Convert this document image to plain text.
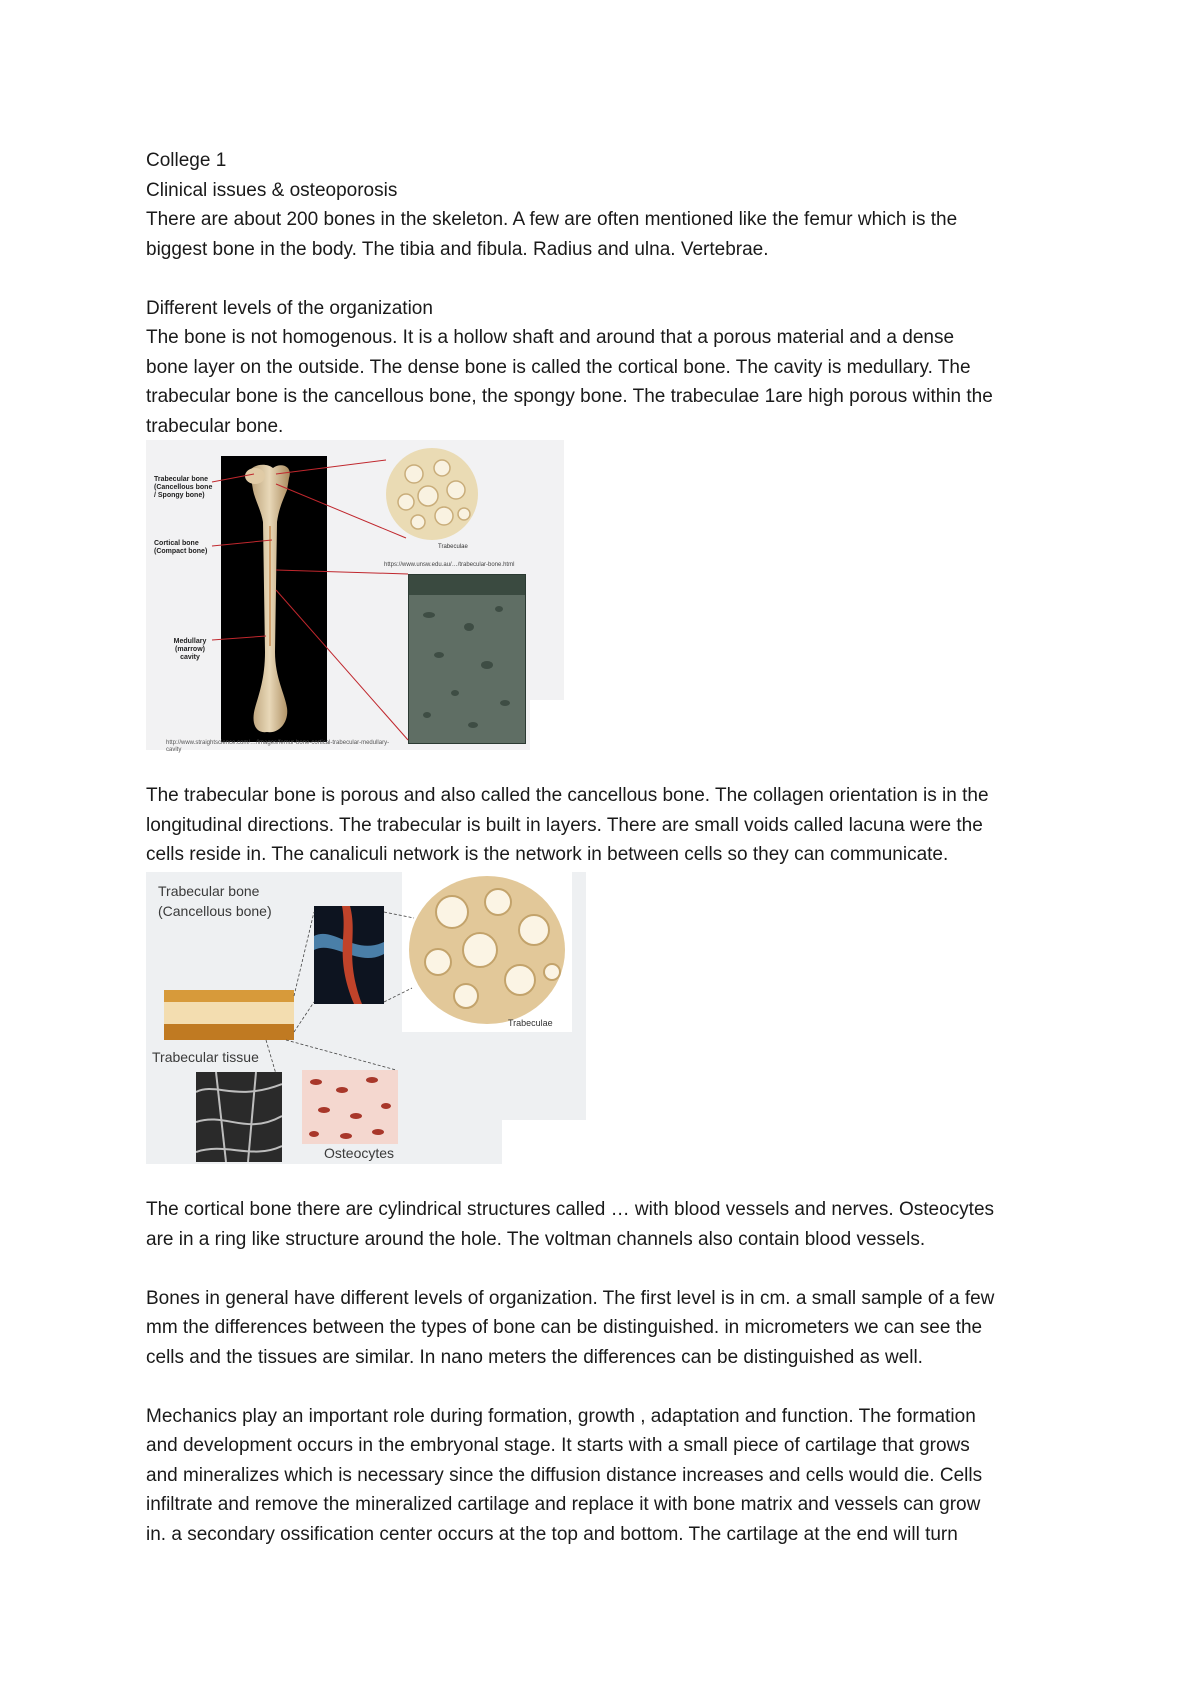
College 1

Clinical issues & osteoporosis

There are about 200 bones in the skeleton. A few are often mentioned like the femur which is the

biggest bone in the body. The tibia and fibula. Radius and ulna. Vertebrae.

Different levels of the organization

The bone is not homogenous. It is a hollow shaft and around that a porous material and a dense

bone layer on the outside. The dense bone is called the cortical bone. The cavity is medullary. The

trabecular bone is the cancellous bone, the spongy bone. The trabeculae 1are high porous within the

trabecular bone.

Trabecular bone (Cancellous bone / Spongy bone)
Cortical bone (Compact bone)
Medullary (marrow) cavity
Trabeculae
https://www.unsw.edu.au/…/trabecular-bone.html
http://www.straightscience.com/…/images/femur-bone-cortical-trabecular-medullary-cavity

The trabecular bone is porous and also called the cancellous bone. The collagen orientation is in the

longitudinal directions. The trabecular is built in layers. There are small voids called lacuna were the

cells reside in. The canaliculi network is the network in between cells so they can communicate.

Trabecular bone
(Cancellous bone)
Trabecular tissue
Trabeculae
Osteocytes

The cortical bone there are cylindrical structures called … with blood vessels and nerves. Osteocytes

are in a ring like structure around the hole. The voltman channels also contain blood vessels.

Bones in general have different levels of organization. The first level is in cm. a small sample of a few

mm the differences between the types of bone can be distinguished. in micrometers we can see the

cells and the tissues are similar. In nano meters the differences can be distinguished as well.

Mechanics play an important role during formation, growth , adaptation and function. The formation

and development occurs in the embryonal stage. It starts with a small piece of cartilage that grows

and mineralizes which is necessary since the diffusion distance increases and cells would die. Cells

infiltrate and remove the mineralized cartilage and replace it with bone matrix and vessels can grow

in. a secondary ossification center occurs at the top and bottom. The cartilage at the end will turn
